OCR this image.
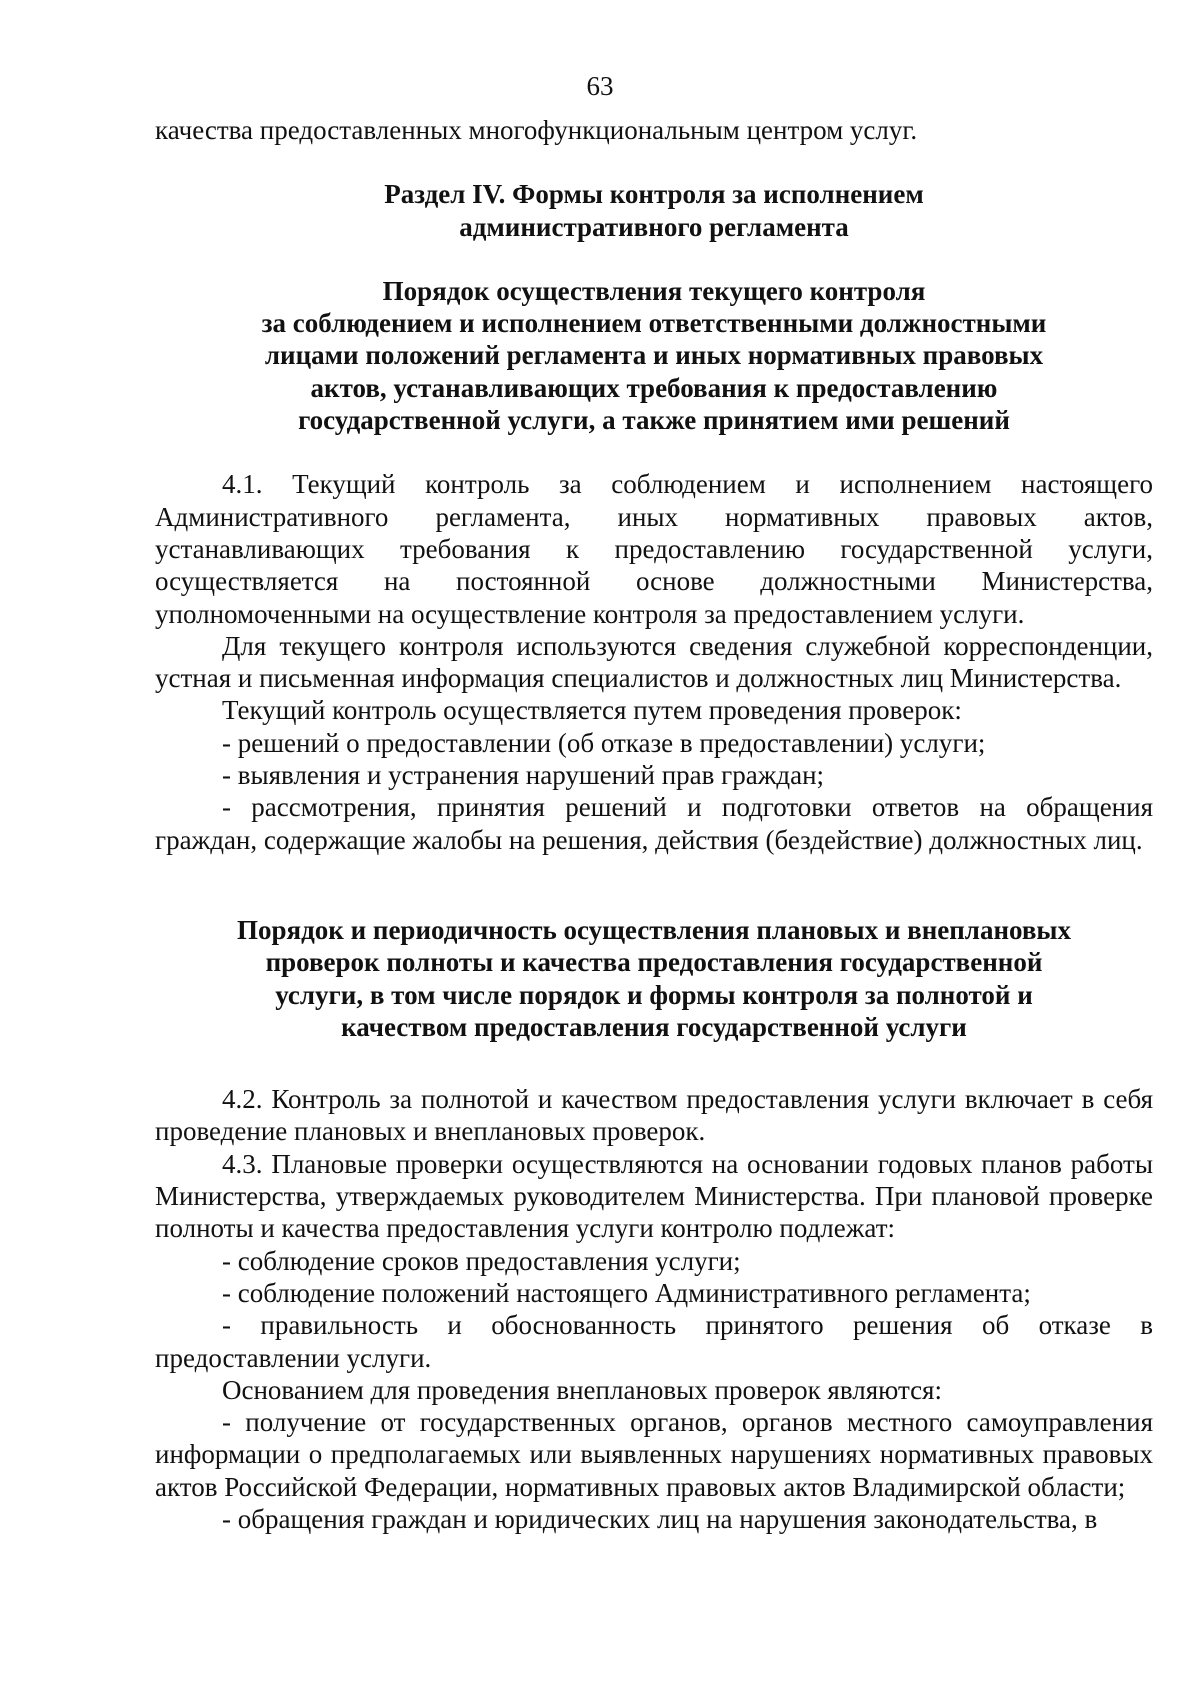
63

качества предоставленных многофункциональным центром услуг.

Раздел IV. Формы контроля за исполнением
административного регламента
Порядок осуществления текущего контроля
за соблюдением и исполнением ответственными должностными
лицами положений регламента и иных нормативных правовых
актов, устанавливающих требования к предоставлению
государственной услуги, а также принятием ими решений

4.1. Текущий контроль за соблюдением и исполнением настоящего Административного регламента, иных нормативных правовых актов, устанавливающих требования к предоставлению государственной услуги, осуществляется на постоянной основе должностными Министерства, уполномоченными на осуществление контроля за предоставлением услуги.

Для текущего контроля используются сведения служебной корреспонденции, устная и письменная информация специалистов и должностных лиц Министерства.

Текущий контроль осуществляется путем проведения проверок:

- решений о предоставлении (об отказе в предоставлении) услуги;

- выявления и устранения нарушений прав граждан;

- рассмотрения, принятия решений и подготовки ответов на обращения граждан, содержащие жалобы на решения, действия (бездействие) должностных лиц.

Порядок и периодичность осуществления плановых и внеплановых
проверок полноты и качества предоставления государственной
услуги, в том числе порядок и формы контроля за полнотой и
качеством предоставления государственной услуги

4.2. Контроль за полнотой и качеством предоставления услуги включает в себя проведение плановых и внеплановых проверок.

4.3. Плановые проверки осуществляются на основании годовых планов работы Министерства, утверждаемых руководителем Министерства. При плановой проверке полноты и качества предоставления услуги контролю подлежат:

- соблюдение сроков предоставления услуги;

- соблюдение положений настоящего Административного регламента;

- правильность и обоснованность принятого решения об отказе в предоставлении услуги.

Основанием для проведения внеплановых проверок являются:

- получение от государственных органов, органов местного самоуправления информации о предполагаемых или выявленных нарушениях нормативных правовых актов Российской Федерации, нормативных правовых актов Владимирской области;

- обращения граждан и юридических лиц на нарушения законодательства, в
